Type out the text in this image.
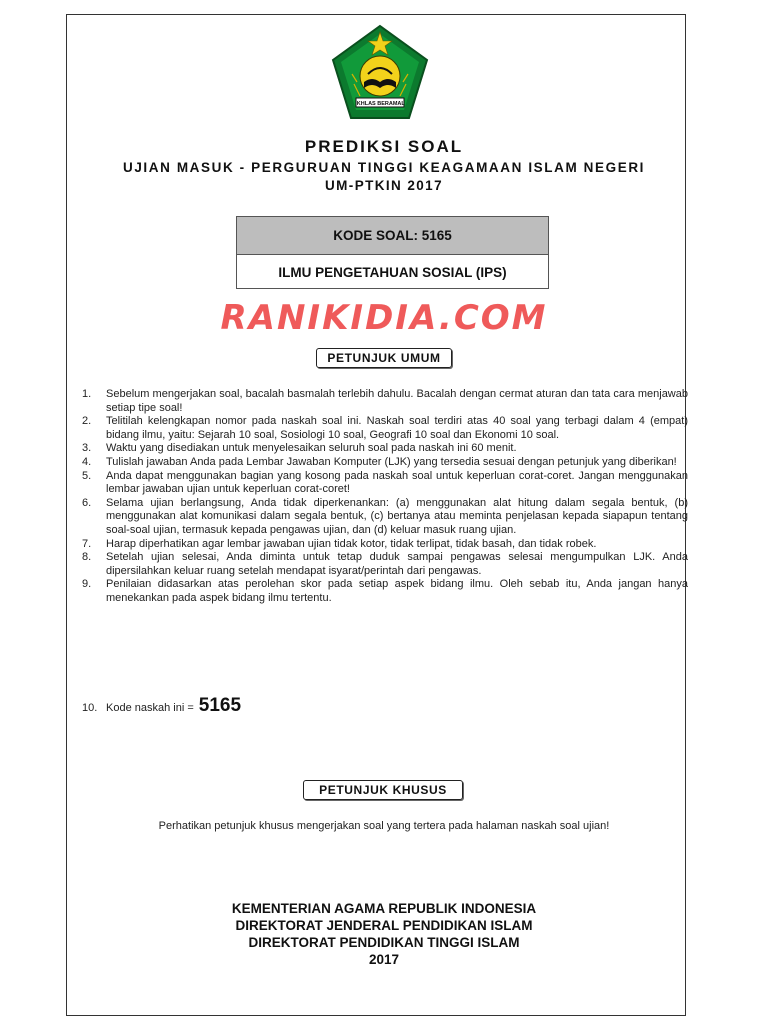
IKHLAS BERAMAL
PREDIKSI SOAL
UJIAN MASUK - PERGURUAN TINGGI KEAGAMAAN ISLAM NEGERI
UM-PTKIN 2017
KODE SOAL: 5165
ILMU PENGETAHUAN SOSIAL (IPS)
RANIKIDIA.COM
PETUNJUK UMUM
1.	Sebelum mengerjakan soal, bacalah basmalah terlebih dahulu. Bacalah dengan cermat aturan dan tata cara menjawab setiap tipe soal!
2.	Telitilah kelengkapan nomor pada naskah soal ini. Naskah soal terdiri atas 40 soal yang terbagi dalam 4 (empat) bidang ilmu, yaitu: Sejarah 10 soal, Sosiologi 10 soal, Geografi 10 soal dan Ekonomi 10 soal.
3.	Waktu yang disediakan untuk menyelesaikan seluruh soal pada naskah ini 60 menit.
4.	Tulislah jawaban Anda pada Lembar Jawaban Komputer (LJK) yang tersedia sesuai dengan petunjuk yang diberikan!
5.	Anda dapat menggunakan bagian yang kosong pada naskah soal untuk keperluan corat-coret. Jangan menggunakan lembar jawaban ujian untuk keperluan corat-coret!
6.	Selama ujian berlangsung, Anda tidak diperkenankan: (a) menggunakan alat hitung dalam segala bentuk, (b) menggunakan alat komunikasi dalam segala bentuk, (c) bertanya atau meminta penjelasan kepada siapapun tentang soal-soal ujian, termasuk kepada pengawas ujian, dan (d) keluar masuk ruang ujian.
7.	Harap diperhatikan agar lembar jawaban ujian tidak kotor, tidak terlipat, tidak basah, dan tidak robek.
8.	Setelah ujian selesai, Anda diminta untuk tetap duduk sampai pengawas selesai mengumpulkan LJK. Anda dipersilahkan keluar ruang setelah mendapat isyarat/perintah dari pengawas.
9.	Penilaian didasarkan atas perolehan skor pada setiap aspek bidang ilmu. Oleh sebab itu, Anda jangan hanya menekankan pada aspek bidang ilmu tertentu.
10. Kode naskah ini = 5165
PETUNJUK KHUSUS
Perhatikan petunjuk khusus mengerjakan soal yang tertera pada halaman naskah soal ujian!
KEMENTERIAN AGAMA REPUBLIK INDONESIA
DIREKTORAT JENDERAL PENDIDIKAN ISLAM
DIREKTORAT PENDIDIKAN TINGGI ISLAM
2017
